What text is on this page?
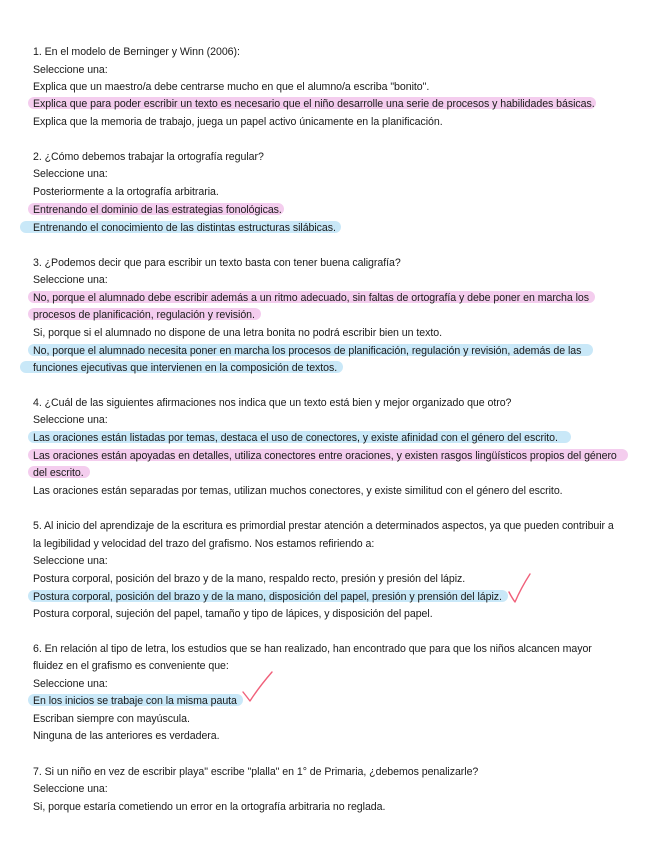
1. En el modelo de Berninger y Winn (2006):
Seleccione una:
Explica que un maestro/a debe centrarse mucho en que el alumno/a escriba "bonito".
Explica que para poder escribir un texto es necesario que el niño desarrolle una serie de procesos y habilidades básicas.
Explica que la memoria de trabajo, juega un papel activo únicamente en la planificación.
2. ¿Cómo debemos trabajar la ortografía regular?
Seleccione una:
Posteriormente a la ortografía arbitraria.
Entrenando el dominio de las estrategias fonológicas.
Entrenando el conocimiento de las distintas estructuras silábicas.
3. ¿Podemos decir que para escribir un texto basta con tener buena caligrafía?
Seleccione una:
No, porque el alumnado debe escribir además a un ritmo adecuado, sin faltas de ortografía y debe poner en marcha los
procesos de planificación, regulación y revisión.
Si, porque si el alumnado no dispone de una letra bonita no podrá escribir bien un texto.
No, porque el alumnado necesita poner en marcha los procesos de planificación, regulación y revisión, además de las
funciones ejecutivas que intervienen en la composición de textos.
4. ¿Cuál de las siguientes afirmaciones nos indica que un texto está bien y mejor organizado que otro?
Seleccione una:
Las oraciones están listadas por temas, destaca el uso de conectores, y existe afinidad con el género del escrito.
Las oraciones están apoyadas en detalles, utiliza conectores entre oraciones, y existen rasgos lingüísticos propios del género
del escrito.
Las oraciones están separadas por temas, utilizan muchos conectores, y existe similitud con el género del escrito.
5. Al inicio del aprendizaje de la escritura es primordial prestar atención a determinados aspectos, ya que pueden contribuir a
la legibilidad y velocidad del trazo del grafismo. Nos estamos refiriendo a:
Seleccione una:
Postura corporal, posición del brazo y de la mano, respaldo recto, presión y presión del lápiz.
Postura corporal, posición del brazo y de la mano, disposición del papel, presión y prensión del lápiz.
Postura corporal, sujeción del papel, tamaño y tipo de lápices, y disposición del papel.
6. En relación al tipo de letra, los estudios que se han realizado, han encontrado que para que los niños alcancen mayor
fluidez en el grafismo es conveniente que:
Seleccione una:
En los inicios se trabaje con la misma pauta
Escriban siempre con mayúscula.
Ninguna de las anteriores es verdadera.
7. Si un niño en vez de escribir playa" escribe "plalla" en 1° de Primaria, ¿debemos penalizarle?
Seleccione una:
Si, porque estaría cometiendo un error en la ortografía arbitraria no reglada.
